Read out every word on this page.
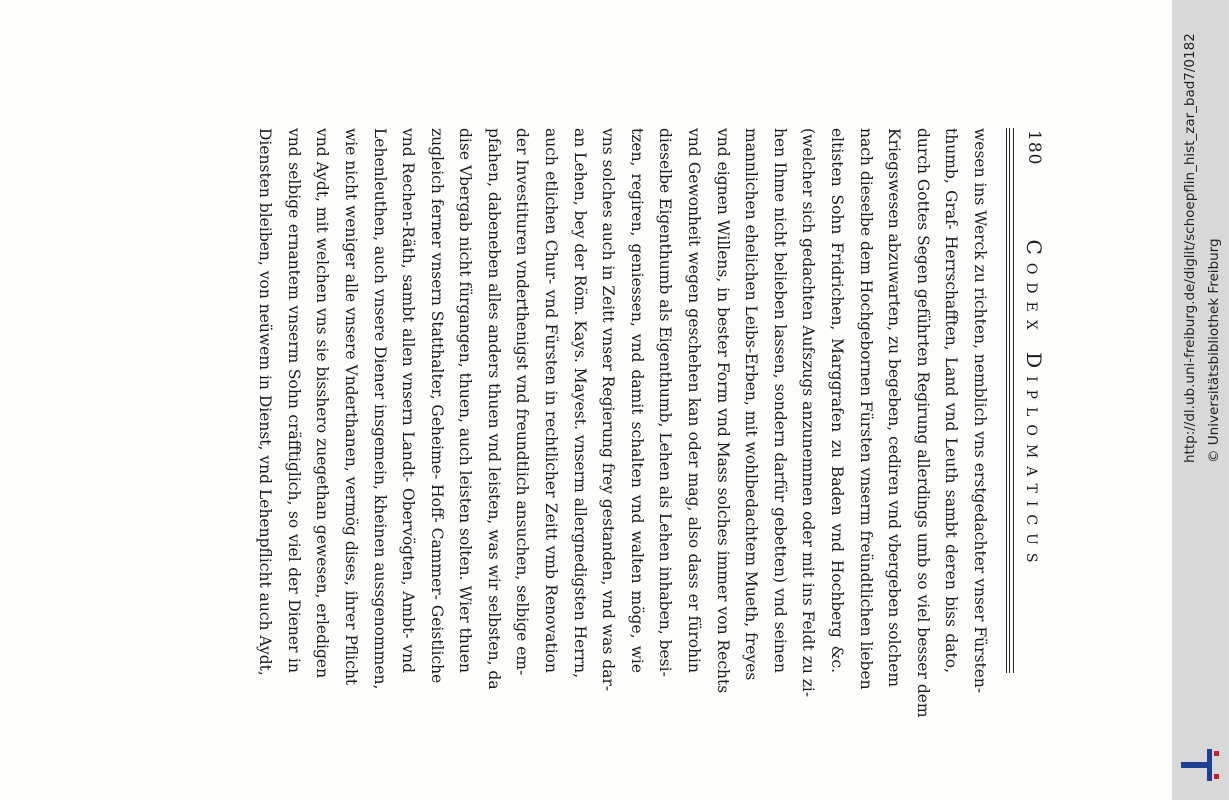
180
Codex Diplomaticus
wesen ins Werck zu richten, nemblich vns erstgedachter vnser Fürsten-
thumb, Graf- Herrschafften, Land vnd Leuth sambt deren biss dato,
durch Gottes Segen geführten Regirung allerdings umb so viel besser dem
Kriegswesen abzuwarten, zu begeben, cediren vnd vbergeben solchem
nach dieselbe dem Hochgebornen Fürsten vnserm freündtlichen lieben
eltisten Sohn Fridrichen, Marggrafen zu Baden vnd Hochberg &c.
(welcher sich gedachten Aufszugs anzunemmen oder mit ins Feldt zu zi-
hen Ihme nicht belieben lassen, sondern darfür gebetten) vnd seinen
mannlichen ehelichen Leibs-Erben, mit wohlbedachtem Mueth, freyes
vnd eignen Willens, in bester Form vnd Mass solches immer von Rechts
vnd Gewonheit wegen geschehen kan oder mag, also dass er fürohin
dieselbe Eigenthumb als Eigenthumb, Lehen als Lehen inhaben, besi-
tzen, regiren, geniessen, vnd damit schalten vnd walten möge, wie
vns solches auch in Zeitt vnser Regierung frey gestanden, vnd was dar-
an Lehen, bey der Röm. Kays. Mayest. vnserm allergnedigsten Herrn,
auch etlichen Chur- vnd Fürsten in rechtlicher Zeitt vmb Renovation
der Investituren vnderthenigst vnd freundtlich ansuchen, selbige em-
pfahen, dabeneben alles anders thuen vnd leisten, was wir selbsten, da
dise Vbergab nicht fürgangen, thuen, auch leisten solten. Wier thuen
zugleich ferner vnsern Statthalter, Geheime- Hoff- Cammer- Geistliche
vnd Rechen-Räth, sambt allen vnsern Landt- Obervögten, Ambt- vnd
Lehenleuthen, auch vnsere Diener insgemein, kheinen aussgenommen,
wie nicht weniger alle vnsere Vnderthanen, vermög dises, ihrer Pflicht
vnd Aydt, mit welchen vns sie bisshero zuegethan gewesen, erledigen
vnd selbige ernantem vnserm Sohn cräfftiglich, so viel der Diener in
Diensten bleiben, von neüwem in Dienst, vnd Lehenpflicht auch Aydt,	http://dl.ub.uni-freiburg.de/diglit/schoepflin_hist_zar_bad7/0182 © Universitätsbibliothek Freiburg
